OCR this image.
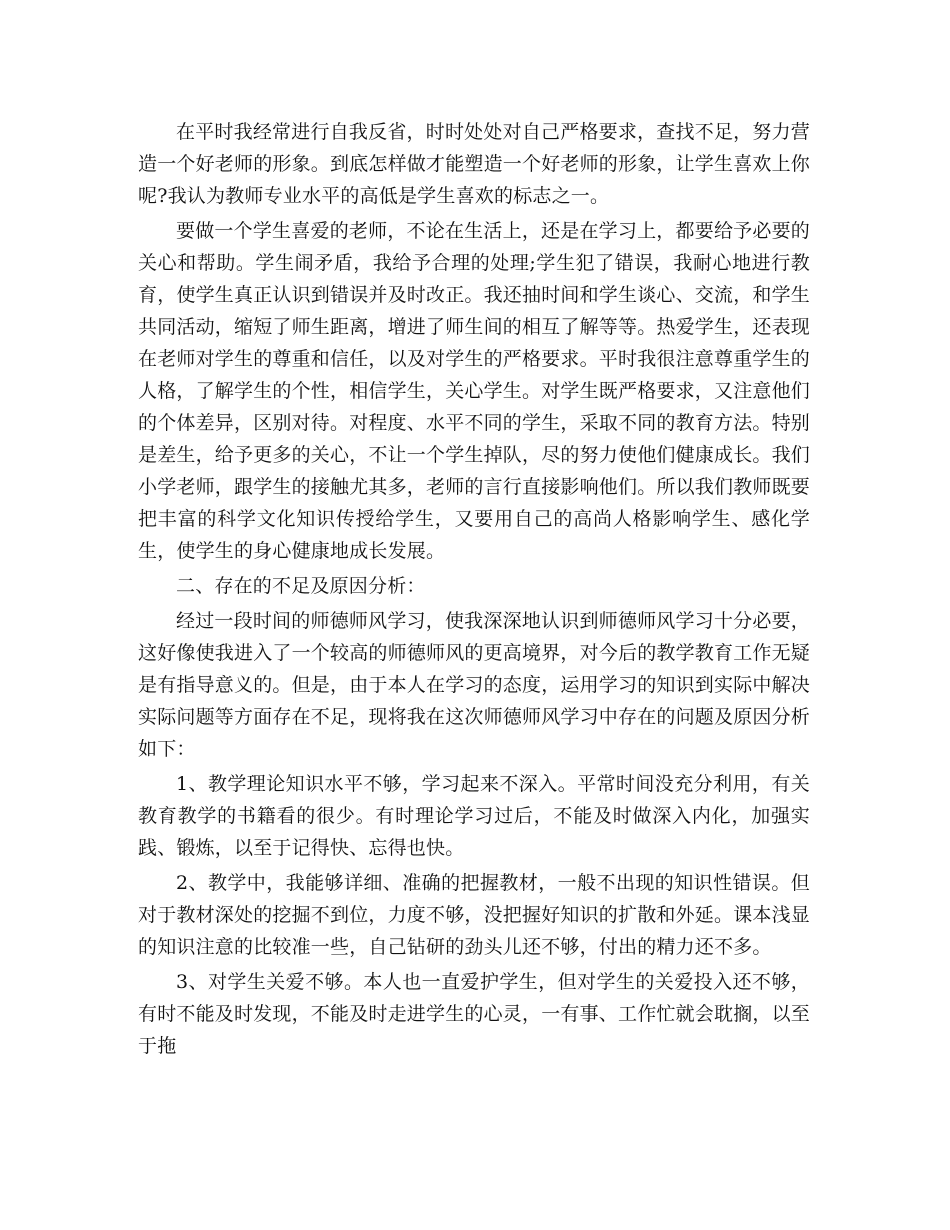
在平时我经常进行自我反省，时时处处对自己严格要求，查找不足，努力营造一个好老师的形象。到底怎样做才能塑造一个好老师的形象，让学生喜欢上你呢?我认为教师专业水平的高低是学生喜欢的标志之一。

要做一个学生喜爱的老师，不论在生活上，还是在学习上，都要给予必要的关心和帮助。学生闹矛盾，我给予合理的处理;学生犯了错误，我耐心地进行教育，使学生真正认识到错误并及时改正。我还抽时间和学生谈心、交流，和学生共同活动，缩短了师生距离，增进了师生间的相互了解等等。热爱学生，还表现在老师对学生的尊重和信任，以及对学生的严格要求。平时我很注意尊重学生的人格，了解学生的个性，相信学生，关心学生。对学生既严格要求，又注意他们的个体差异，区别对待。对程度、水平不同的学生，采取不同的教育方法。特别是差生，给予更多的关心，不让一个学生掉队，尽的努力使他们健康成长。我们小学老师，跟学生的接触尤其多，老师的言行直接影响他们。所以我们教师既要把丰富的科学文化知识传授给学生，又要用自己的高尚人格影响学生、感化学生，使学生的身心健康地成长发展。

二、存在的不足及原因分析：

经过一段时间的师德师风学习，使我深深地认识到师德师风学习十分必要，这好像使我进入了一个较高的师德师风的更高境界，对今后的教学教育工作无疑是有指导意义的。但是，由于本人在学习的态度，运用学习的知识到实际中解决实际问题等方面存在不足，现将我在这次师德师风学习中存在的问题及原因分析如下：

1、教学理论知识水平不够，学习起来不深入。平常时间没充分利用，有关教育教学的书籍看的很少。有时理论学习过后，不能及时做深入内化，加强实践、锻炼，以至于记得快、忘得也快。

2、教学中，我能够详细、准确的把握教材，一般不出现的知识性错误。但对于教材深处的挖掘不到位，力度不够，没把握好知识的扩散和外延。课本浅显的知识注意的比较准一些，自己钻研的劲头儿还不够，付出的精力还不多。

3、对学生关爱不够。本人也一直爱护学生，但对学生的关爱投入还不够，有时不能及时发现，不能及时走进学生的心灵，一有事、工作忙就会耽搁，以至于拖
